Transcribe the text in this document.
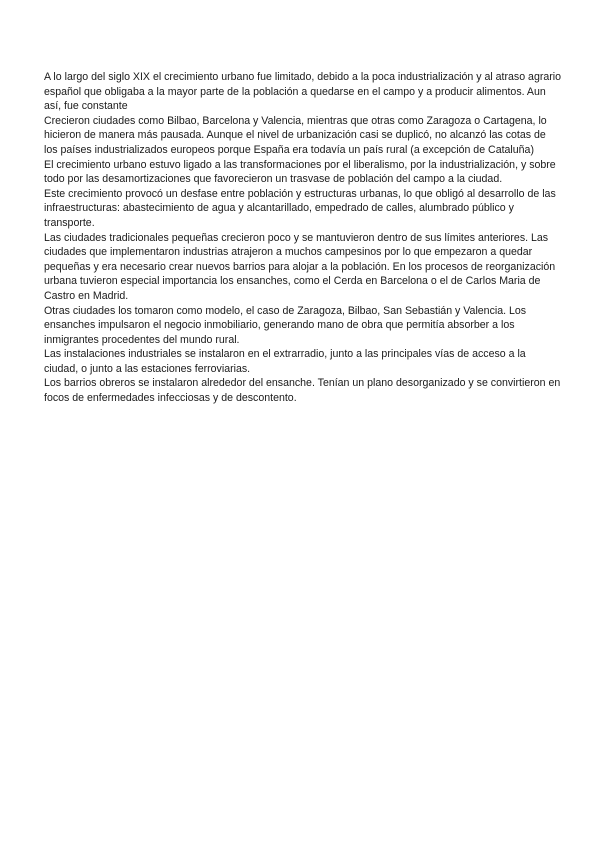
A lo largo del siglo XIX el crecimiento urbano fue limitado, debido a la poca industrialización y al atraso agrario español que obligaba a la mayor parte de la población a quedarse en el campo y a producir alimentos. Aun así, fue constante

Crecieron ciudades como Bilbao, Barcelona y Valencia, mientras que otras como Zaragoza o Cartagena, lo hicieron de manera más pausada. Aunque el nivel de urbanización casi se duplicó, no alcanzó las cotas de los países industrializados europeos porque España era todavía un país rural (a excepción de Cataluña)

El crecimiento urbano estuvo ligado a las transformaciones por el liberalismo, por la industrialización, y sobre todo por las desamortizaciones que favorecieron un trasvase de población del campo a la ciudad.

Este crecimiento provocó un desfase entre población y estructuras urbanas, lo que obligó al desarrollo de las infraestructuras: abastecimiento de agua y alcantarillado, empedrado de calles, alumbrado público y transporte.

Las ciudades tradicionales pequeñas crecieron poco y se mantuvieron dentro de sus límites anteriores. Las ciudades que implementaron industrias atrajeron a muchos campesinos por lo que empezaron a quedar pequeñas y era necesario crear nuevos barrios para alojar a la población. En los procesos de reorganización urbana tuvieron especial importancia los ensanches, como el Cerda en Barcelona o el de Carlos Maria de Castro en Madrid.

Otras ciudades los tomaron como modelo, el caso de Zaragoza, Bilbao, San Sebastián y Valencia. Los ensanches impulsaron el negocio inmobiliario, generando mano de obra que permitía absorber a los inmigrantes procedentes del mundo rural.

Las instalaciones industriales se instalaron en el extrarradio, junto a las principales vías de acceso a la ciudad, o junto a las estaciones ferroviarias.

Los barrios obreros se instalaron alrededor del ensanche. Tenían un plano desorganizado y se convirtieron en focos de enfermedades infecciosas y de descontento.
